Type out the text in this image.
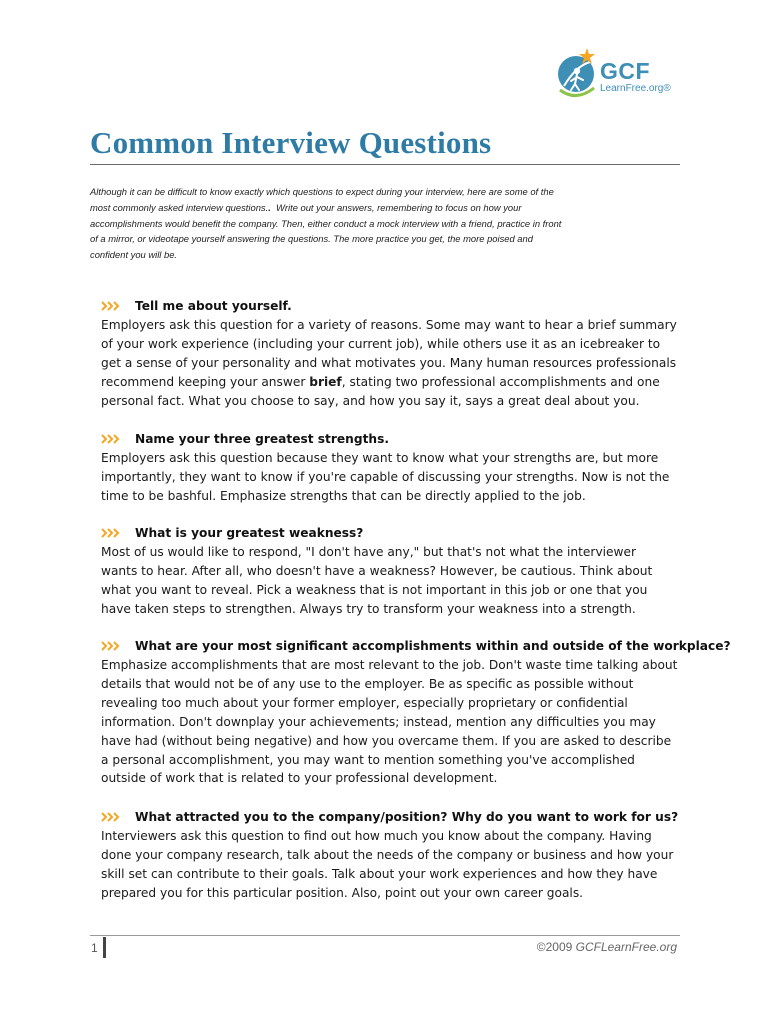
GCF
LearnFree.org®
Common Interview Questions

Although it can be difficult to know exactly which questions to expect during your interview, here are some of the
most commonly asked interview questions.. Write out your answers, remembering to focus on how your
accomplishments would benefit the company. Then, either conduct a mock interview with a friend, practice in front
of a mirror, or videotape yourself answering the questions. The more practice you get, the more poised and
confident you will be.

Tell me about yourself.
Employers ask this question for a variety of reasons. Some may want to hear a brief summary
of your work experience (including your current job), while others use it as an icebreaker to
get a sense of your personality and what motivates you. Many human resources professionals
recommend keeping your answer brief, stating two professional accomplishments and one
personal fact. What you choose to say, and how you say it, says a great deal about you.
Name your three greatest strengths.
Employers ask this question because they want to know what your strengths are, but more
importantly, they want to know if you're capable of discussing your strengths. Now is not the
time to be bashful. Emphasize strengths that can be directly applied to the job.
What is your greatest weakness?
Most of us would like to respond, "I don't have any," but that's not what the interviewer
wants to hear. After all, who doesn't have a weakness? However, be cautious. Think about
what you want to reveal. Pick a weakness that is not important in this job or one that you
have taken steps to strengthen. Always try to transform your weakness into a strength.
What are your most significant accomplishments within and outside of the workplace?
Emphasize accomplishments that are most relevant to the job. Don't waste time talking about
details that would not be of any use to the employer. Be as specific as possible without
revealing too much about your former employer, especially proprietary or confidential
information. Don't downplay your achievements; instead, mention any difficulties you may
have had (without being negative) and how you overcame them. If you are asked to describe
a personal accomplishment, you may want to mention something you've accomplished
outside of work that is related to your professional development.
What attracted you to the company/position? Why do you want to work for us?
Interviewers ask this question to find out how much you know about the company. Having
done your company research, talk about the needs of the company or business and how your
skill set can contribute to their goals. Talk about your work experiences and how they have
prepared you for this particular position. Also, point out your own career goals.
1	©2009 GCFLearnFree.org
